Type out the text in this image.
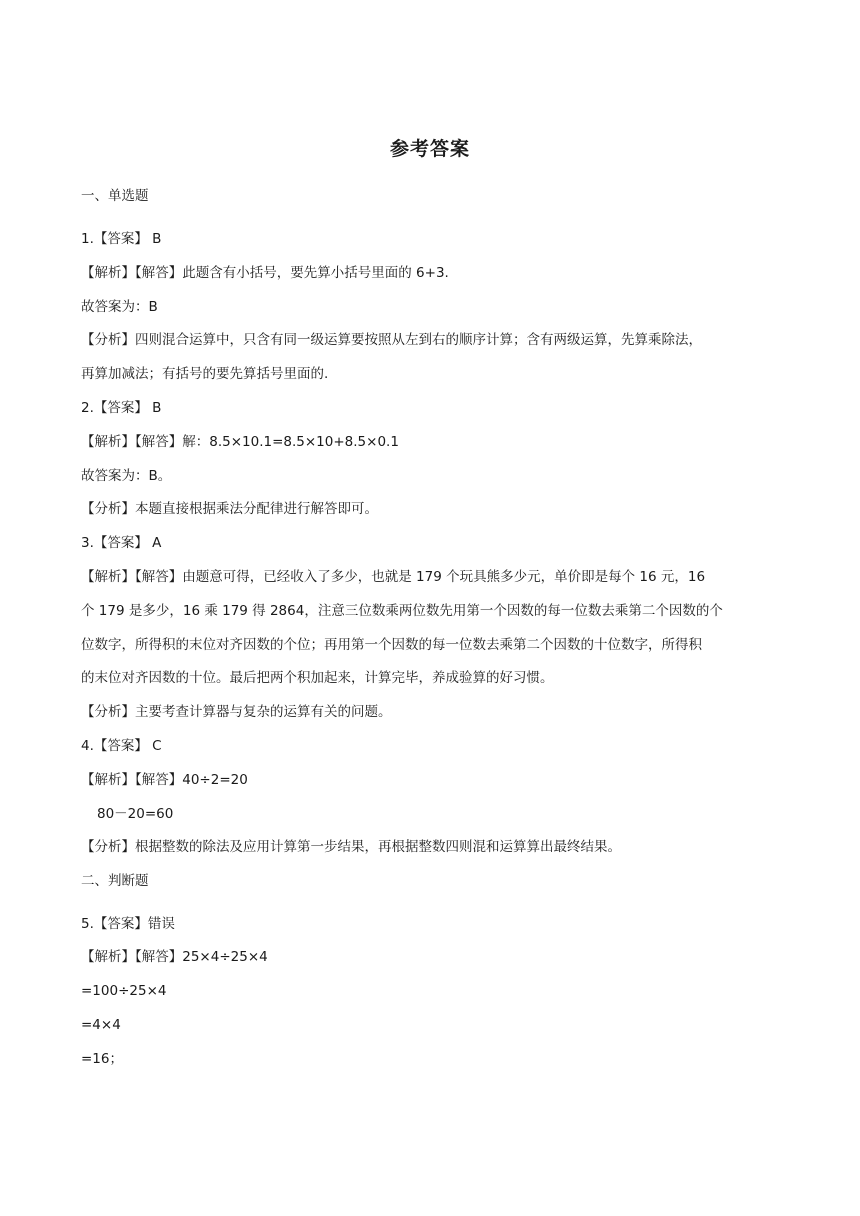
参考答案
一、单选题
1.【答案】 B
【解析】【解答】此题含有小括号，要先算小括号里面的 6+3.
故答案为：B
【分析】四则混合运算中，只含有同一级运算要按照从左到右的顺序计算；含有两级运算，先算乘除法，
再算加减法；有括号的要先算括号里面的.
2.【答案】 B
【解析】【解答】解：8.5×10.1=8.5×10+8.5×0.1
故答案为：B。
【分析】本题直接根据乘法分配律进行解答即可。
3.【答案】 A
【解析】【解答】由题意可得，已经收入了多少，也就是 179 个玩具熊多少元，单价即是每个 16 元，16
个 179 是多少，16 乘 179 得 2864，注意三位数乘两位数先用第一个因数的每一位数去乘第二个因数的个
位数字，所得积的末位对齐因数的个位；再用第一个因数的每一位数去乘第二个因数的十位数字，所得积
的末位对齐因数的十位。最后把两个积加起来，计算完毕，养成验算的好习惯。
【分析】主要考查计算器与复杂的运算有关的问题。
4.【答案】 C
【解析】【解答】40÷2=20
80－20=60
【分析】根据整数的除法及应用计算第一步结果，再根据整数四则混和运算算出最终结果。
二、判断题
5.【答案】错误
【解析】【解答】25×4÷25×4
=100÷25×4
=4×4
=16；
